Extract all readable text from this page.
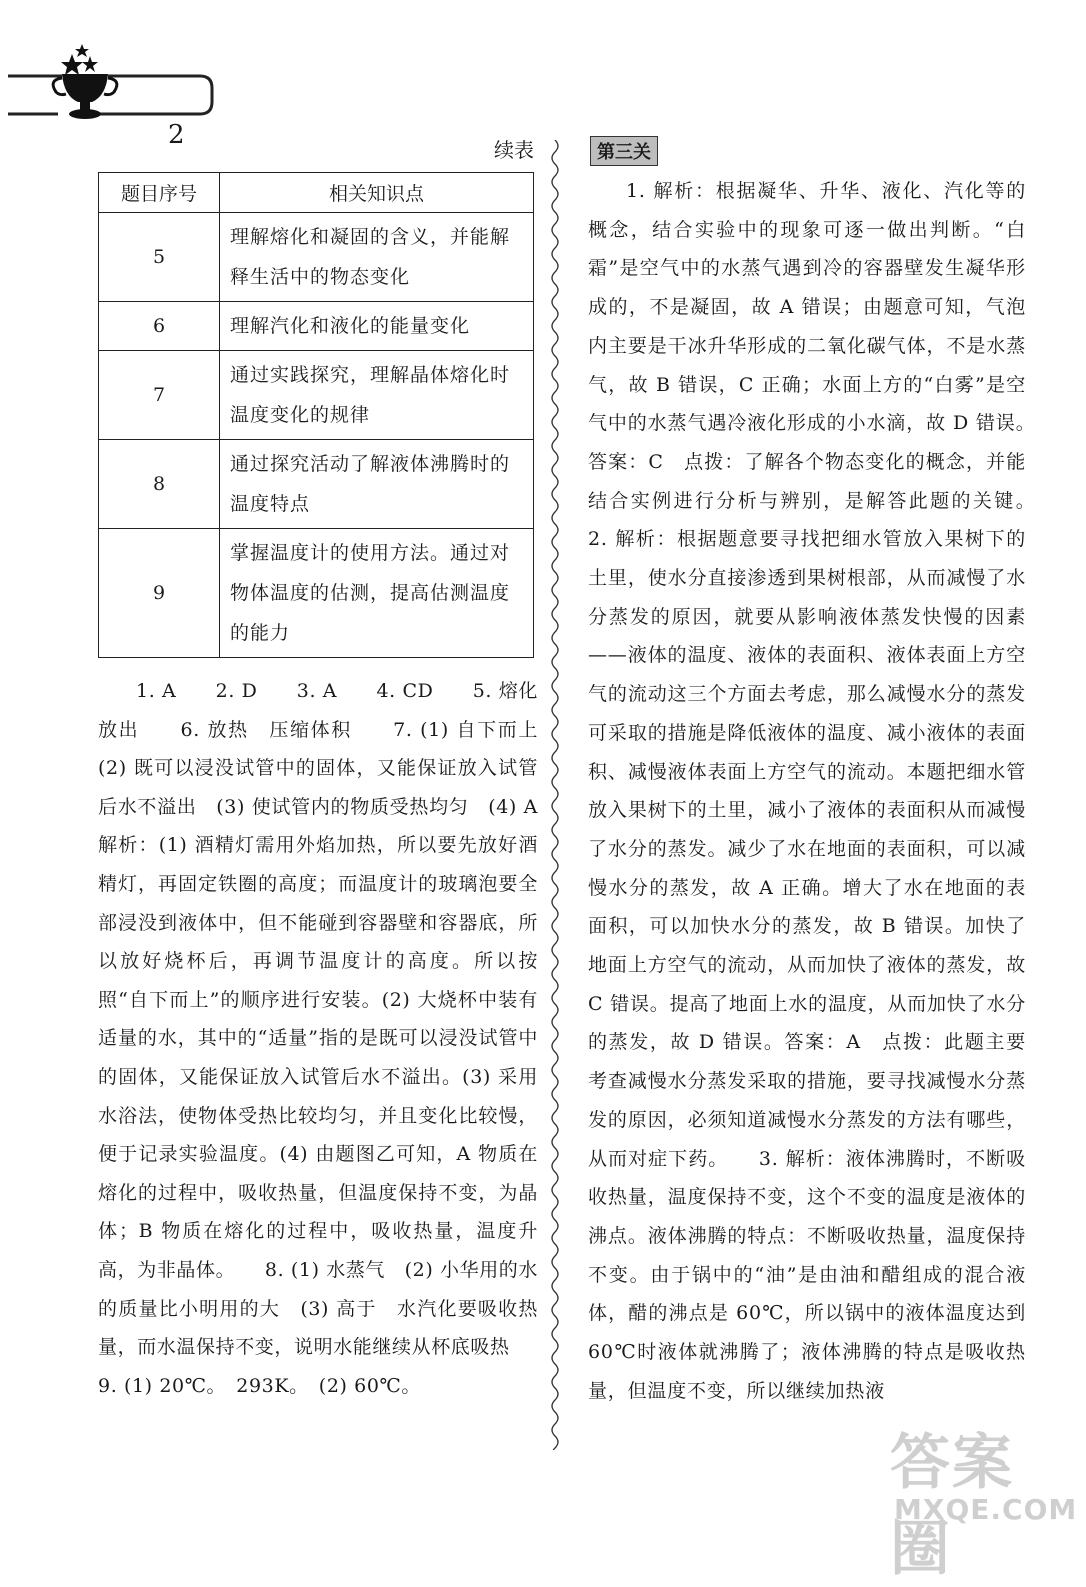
2	续表
题目序号	相关知识点
5	理解熔化和凝固的含义，并能解释生活中的物态变化
6	理解汽化和液化的能量变化
7	通过实践探究，理解晶体熔化时温度变化的规律
8	通过探究活动了解液体沸腾时的温度特点
9	掌握温度计的使用方法。通过对物体温度的估测，提高估测温度的能力

1. A　　2. D　　3. A　　4. CD　　5. 熔化放出　　6. 放热　压缩体积　　7. (1) 自下而上　(2) 既可以浸没试管中的固体，又能保证放入试管后水不溢出　(3) 使试管内的物质受热均匀　(4) A　　解析：(1) 酒精灯需用外焰加热，所以要先放好酒精灯，再固定铁圈的高度；而温度计的玻璃泡要全部浸没到液体中，但不能碰到容器壁和容器底，所以放好烧杯后，再调节温度计的高度。所以按照“自下而上”的顺序进行安装。(2) 大烧杯中装有适量的水，其中的“适量”指的是既可以浸没试管中的固体，又能保证放入试管后水不溢出。(3) 采用水浴法，使物体受热比较均匀，并且变化比较慢，便于记录实验温度。(4) 由题图乙可知，A 物质在熔化的过程中，吸收热量，但温度保持不变，为晶体；B 物质在熔化的过程中，吸收热量，温度升高，为非晶体。　　8. (1) 水蒸气　(2) 小华用的水的质量比小明用的大　(3) 高于　水汽化要吸收热量，而水温保持不变，说明水能继续从杯底吸热

9. (1) 20℃。　293K。　(2) 60℃。

第三关
1. 解析：根据凝华、升华、液化、汽化等的概念，结合实验中的现象可逐一做出判断。“白霜”是空气中的水蒸气遇到冷的容器壁发生凝华形成的，不是凝固，故 A 错误；由题意可知，气泡内主要是干冰升华形成的二氧化碳气体，不是水蒸气，故 B 错误，C 正确；水面上方的“白雾”是空气中的水蒸气遇冷液化形成的小水滴，故 D 错误。　答案：C　点拨：了解各个物态变化的概念，并能结合实例进行分析与辨别，是解答此题的关键。　　2. 解析：根据题意要寻找把细水管放入果树下的土里，使水分直接渗透到果树根部，从而减慢了水分蒸发的原因，就要从影响液体蒸发快慢的因素——液体的温度、液体的表面积、液体表面上方空气的流动这三个方面去考虑，那么减慢水分的蒸发可采取的措施是降低液体的温度、减小液体的表面积、减慢液体表面上方空气的流动。本题把细水管放入果树下的土里，减小了液体的表面积从而减慢了水分的蒸发。减少了水在地面的表面积，可以减慢水分的蒸发，故 A 正确。增大了水在地面的表面积，可以加快水分的蒸发，故 B 错误。加快了地面上方空气的流动，从而加快了液体的蒸发，故 C 错误。提高了地面上水的温度，从而加快了水分的蒸发，故 D 错误。答案：A　点拨：此题主要考查减慢水分蒸发采取的措施，要寻找减慢水分蒸发的原因，必须知道减慢水分蒸发的方法有哪些，从而对症下药。　　3. 解析：液体沸腾时，不断吸收热量，温度保持不变，这个不变的温度是液体的沸点。液体沸腾的特点：不断吸收热量，温度保持不变。由于锅中的“油”是由油和醋组成的混合液体，醋的沸点是 60℃，所以锅中的液体温度达到 60℃时液体就沸腾了；液体沸腾的特点是吸收热量，但温度不变，所以继续加热液
答案圈
MXQE.COM
